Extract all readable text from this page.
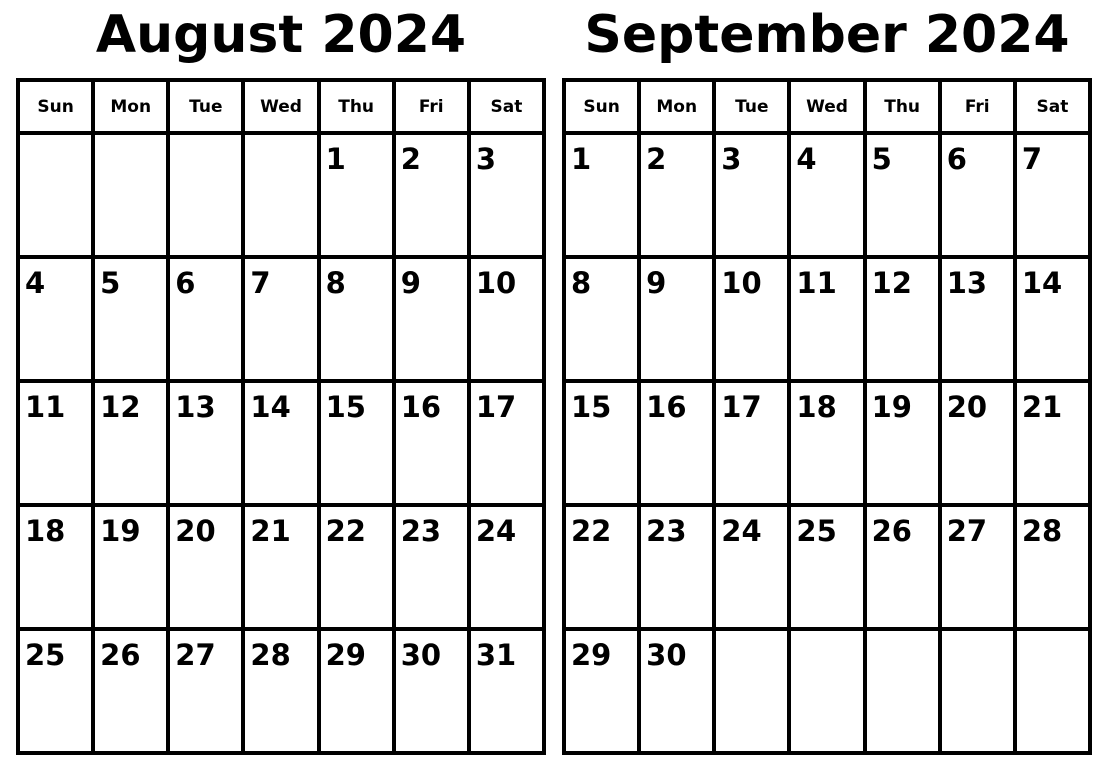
August 2024
Sun	Mon	Tue	Wed	Thu	Fri	Sat

				1	2	3

4	5	6	7	8	9	10

11	12	13	14	15	16	17

18	19	20	21	22	23	24

25	26	27	28	29	30	31
September 2024
Sun	Mon	Tue	Wed	Thu	Fri	Sat

1	2	3	4	5	6	7

8	9	10	11	12	13	14

15	16	17	18	19	20	21

22	23	24	25	26	27	28

29	30					
